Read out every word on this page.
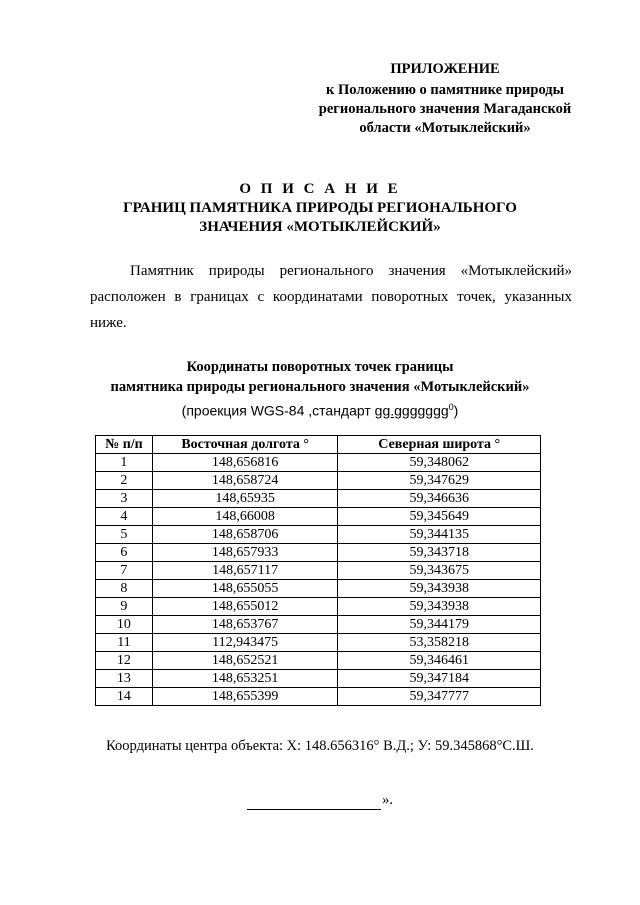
ПРИЛОЖЕНИЕ
к Положению о памятнике природы
регионального значения Магаданской
области «Мотыклейский»
О П И С А Н И Е
ГРАНИЦ ПАМЯТНИКА ПРИРОДЫ РЕГИОНАЛЬНОГО
ЗНАЧЕНИЯ «МОТЫКЛЕЙСКИЙ»
Памятник природы регионального значения «Мотыклейский» расположен в границах с координатами поворотных точек, указанных ниже.
Координаты поворотных точек границы
памятника природы регионального значения «Мотыклейский»
(проекция WGS-84 ,стандарт gg.ggggggg$^0$)
№ п/п	Восточная долгота °	Северная широта °
1	148,656816	59,348062
2	148,658724	59,347629
3	148,65935	59,346636
4	148,66008	59,345649
5	148,658706	59,344135
6	148,657933	59,343718
7	148,657117	59,343675
8	148,655055	59,343938
9	148,655012	59,343938
10	148,653767	59,344179
11	112,943475	53,358218
12	148,652521	59,346461
13	148,653251	59,347184
14	148,655399	59,347777
Координаты центра объекта: Х: 148.656316° В.Д.; У: 59.345868°С.Ш.
».
